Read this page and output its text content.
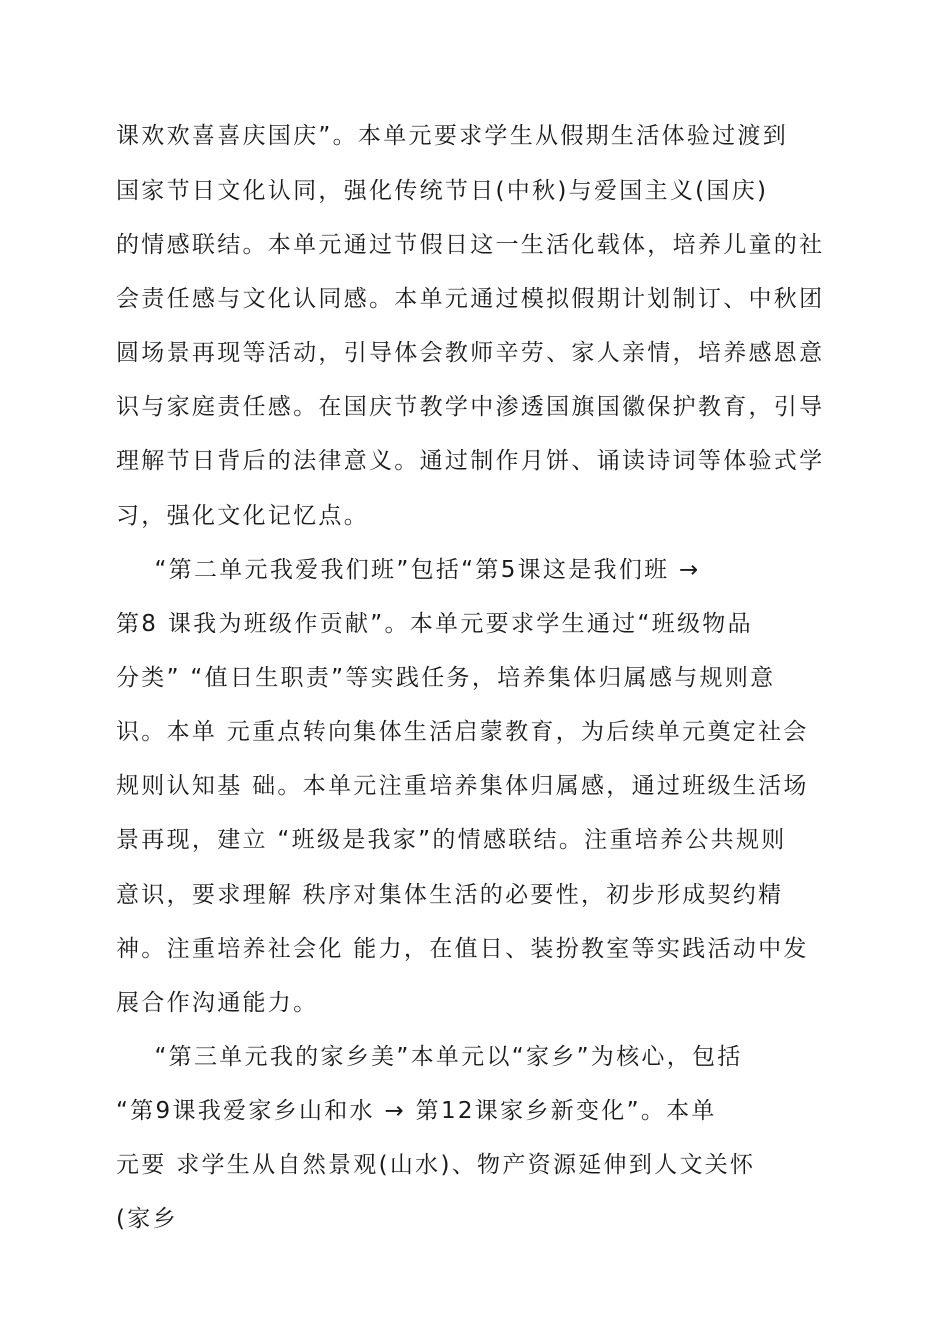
课欢欢喜喜庆国庆”。本单元要求学生从假期生活体验过渡到
国家节日文化认同，强化传统节日(中秋)与爱国主义(国庆)
的情感联结。本单元通过节假日这一生活化载体，培养儿童的社
会责任感与文化认同感。本单元通过模拟假期计划制订、中秋团
圆场景再现等活动，引导体会教师辛劳、家人亲情，培养感恩意
识与家庭责任感。在国庆节教学中渗透国旗国徽保护教育，引导
理解节日背后的法律意义。通过制作月饼、诵读诗词等体验式学
习，强化文化记忆点。
“第二单元我爱我们班”包括“第5课这是我们班 →
第8 课我为班级作贡献”。本单元要求学生通过“班级物品
分类” “值日生职责”等实践任务，培养集体归属感与规则意
识。本单 元重点转向集体生活启蒙教育，为后续单元奠定社会
规则认知基 础。本单元注重培养集体归属感，通过班级生活场
景再现，建立 “班级是我家”的情感联结。注重培养公共规则
意识，要求理解 秩序对集体生活的必要性，初步形成契约精
神。注重培养社会化 能力，在值日、装扮教室等实践活动中发
展合作沟通能力。
“第三单元我的家乡美”本单元以“家乡”为核心，包括
“第9课我爱家乡山和水 → 第12课家乡新变化”。本单
元要 求学生从自然景观(山水)、物产资源延伸到人文关怀
(家乡
